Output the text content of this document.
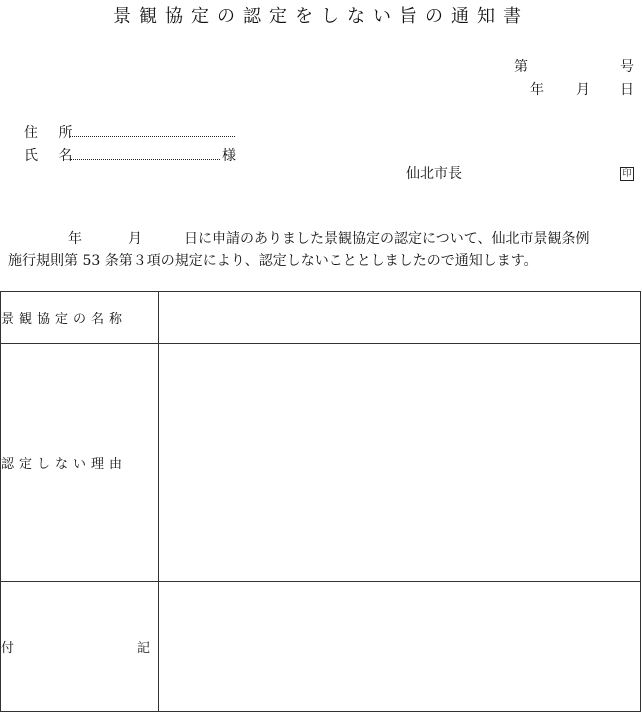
景観協定の認定をしない旨の通知書
第	号
年 月 日
住 所
氏 名	様
仙北市長	印
年	月	日に申請のありました景観協定の認定について、仙北市景観条例
施行規則第 53 条第３項の規定により、認定しないこととしましたので通知します。
景観協定の名称	

認定しない理由	

付 記	
